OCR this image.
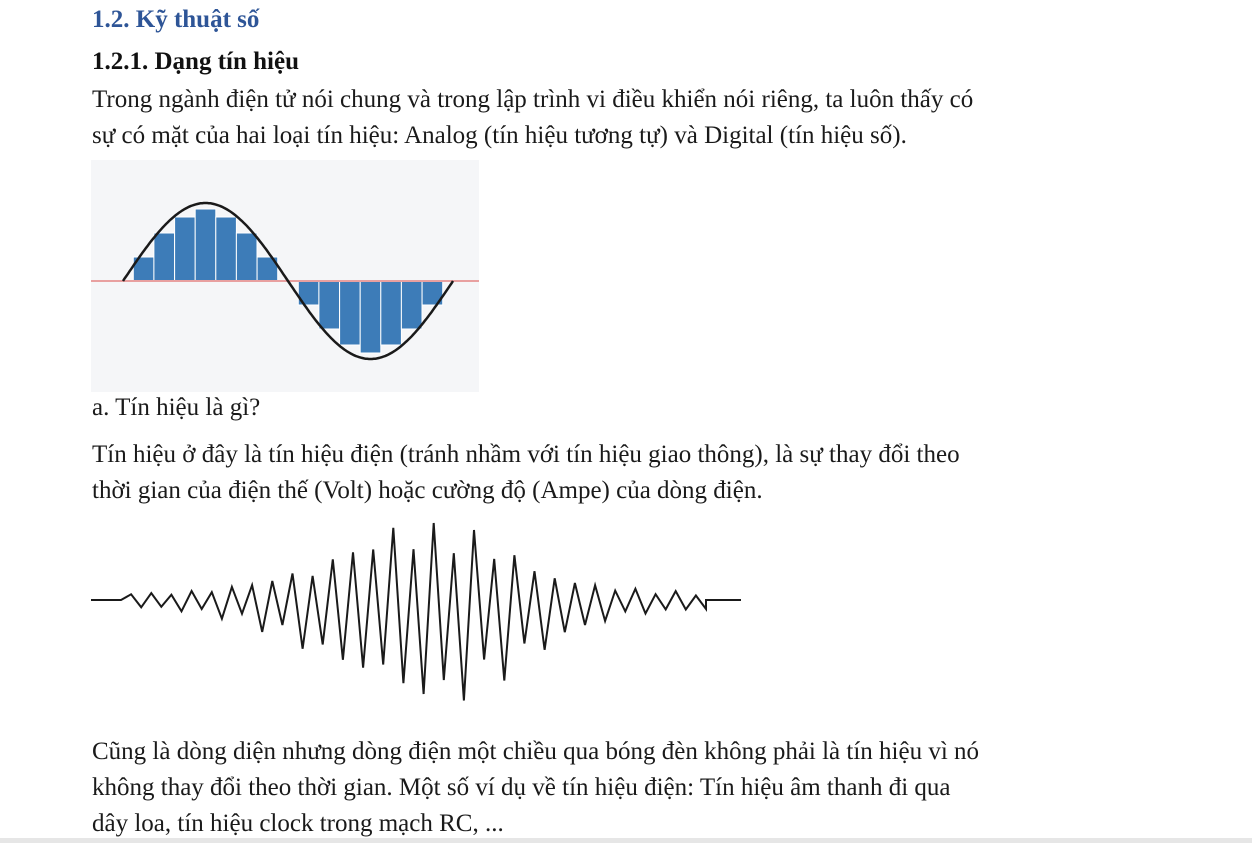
1.2. Kỹ thuật số
1.2.1. Dạng tín hiệu

Trong ngành điện tử nói chung và trong lập trình vi điều khiển nói riêng, ta luôn thấy có
sự có mặt của hai loại tín hiệu: Analog (tín hiệu tương tự) và Digital (tín hiệu số).

a. Tín hiệu là gì?

Tín hiệu ở đây là tín hiệu điện (tránh nhầm với tín hiệu giao thông), là sự thay đổi theo
thời gian của điện thế (Volt) hoặc cường độ (Ampe) của dòng điện.

Cũng là dòng diện nhưng dòng điện một chiều qua bóng đèn không phải là tín hiệu vì nó
không thay đổi theo thời gian. Một số ví dụ về tín hiệu điện: Tín hiệu âm thanh đi qua
dây loa, tín hiệu clock trong mạch RC, ...
